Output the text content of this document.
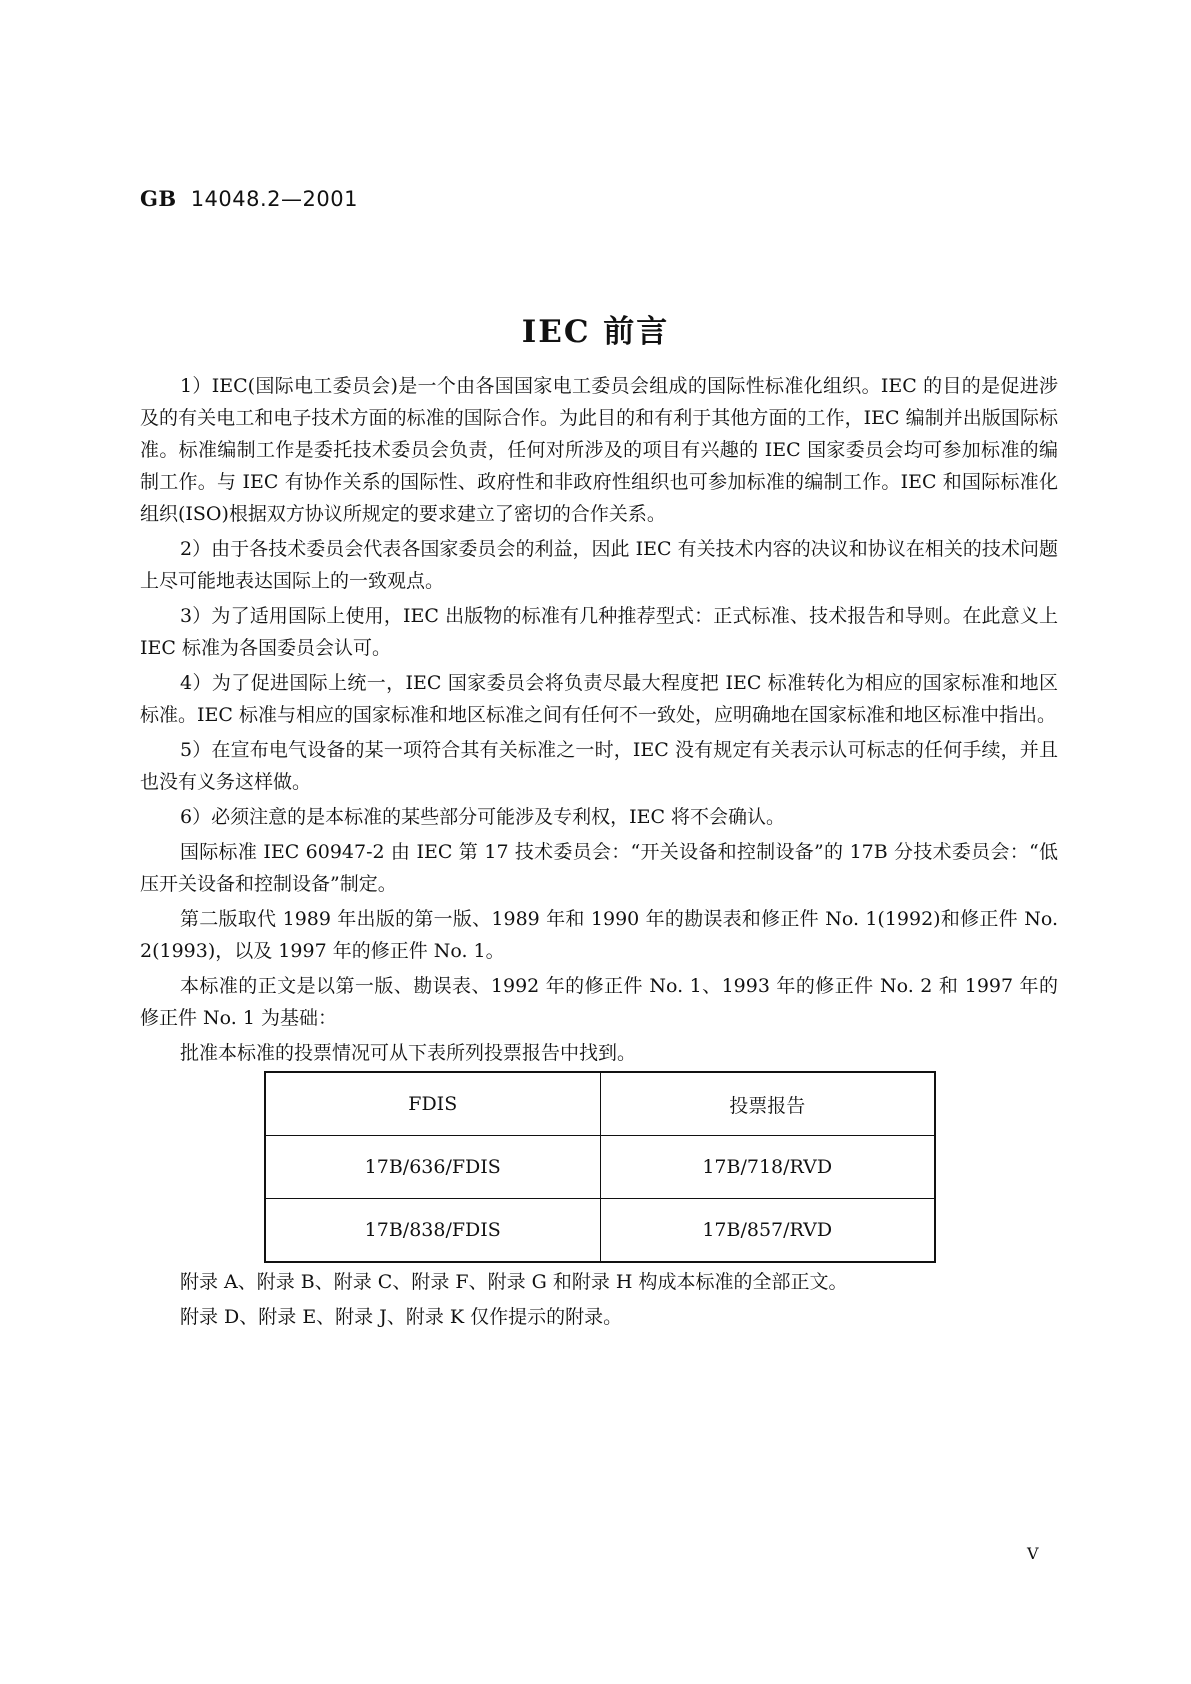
GB 14048.2—2001
IEC 前言

1）IEC(国际电工委员会)是一个由各国国家电工委员会组成的国际性标准化组织。IEC 的目的是促进涉及的有关电工和电子技术方面的标准的国际合作。为此目的和有利于其他方面的工作，IEC 编制并出版国际标准。标准编制工作是委托技术委员会负责，任何对所涉及的项目有兴趣的 IEC 国家委员会均可参加标准的编制工作。与 IEC 有协作关系的国际性、政府性和非政府性组织也可参加标准的编制工作。IEC 和国际标准化组织(ISO)根据双方协议所规定的要求建立了密切的合作关系。

2）由于各技术委员会代表各国家委员会的利益，因此 IEC 有关技术内容的决议和协议在相关的技术问题上尽可能地表达国际上的一致观点。

3）为了适用国际上使用，IEC 出版物的标准有几种推荐型式：正式标准、技术报告和导则。在此意义上 IEC 标准为各国委员会认可。

4）为了促进国际上统一，IEC 国家委员会将负责尽最大程度把 IEC 标准转化为相应的国家标准和地区标准。IEC 标准与相应的国家标准和地区标准之间有任何不一致处，应明确地在国家标准和地区标准中指出。

5）在宣布电气设备的某一项符合其有关标准之一时，IEC 没有规定有关表示认可标志的任何手续，并且也没有义务这样做。

6）必须注意的是本标准的某些部分可能涉及专利权，IEC 将不会确认。

国际标准 IEC 60947-2 由 IEC 第 17 技术委员会：“开关设备和控制设备”的 17B 分技术委员会：“低压开关设备和控制设备”制定。

第二版取代 1989 年出版的第一版、1989 年和 1990 年的勘误表和修正件 No. 1(1992)和修正件 No. 2(1993)，以及 1997 年的修正件 No. 1。

本标准的正文是以第一版、勘误表、1992 年的修正件 No. 1、1993 年的修正件 No. 2 和 1997 年的修正件 No. 1 为基础：

批准本标准的投票情况可从下表所列投票报告中找到。

FDIS	投票报告
17B/636/FDIS	17B/718/RVD
17B/838/FDIS	17B/857/RVD

附录 A、附录 B、附录 C、附录 F、附录 G 和附录 H 构成本标准的全部正文。

附录 D、附录 E、附录 J、附录 K 仅作提示的附录。

V
